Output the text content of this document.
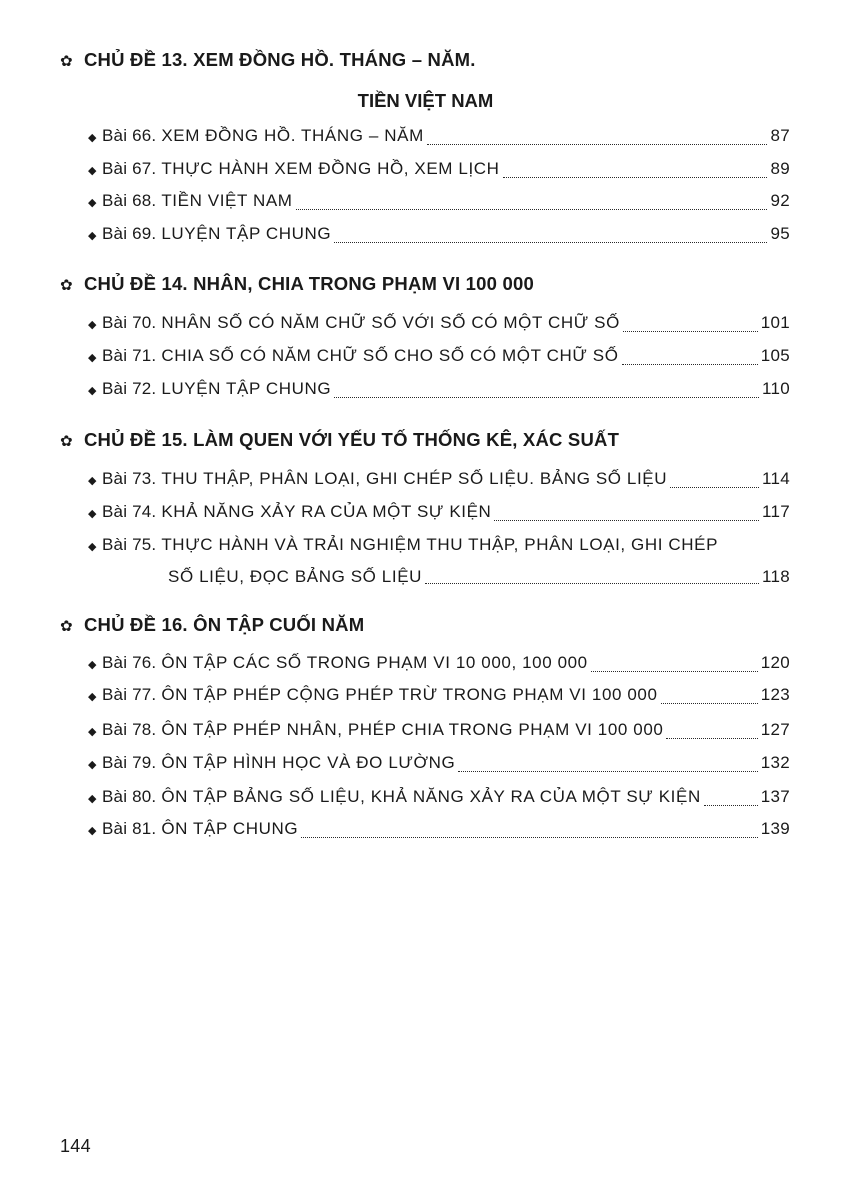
✿ CHỦ ĐỀ 13. XEM ĐỒNG HỒ. THÁNG – NĂM.
TIỀN VIỆT NAM
◆ Bài 66. XEM ĐỒNG HỒ. THÁNG – NĂM	87
◆ Bài 67. THỰC HÀNH XEM ĐỒNG HỒ, XEM LỊCH	89
◆ Bài 68. TIỀN VIỆT NAM	92
◆ Bài 69. LUYỆN TẬP CHUNG	95
✿ CHỦ ĐỀ 14. NHÂN, CHIA TRONG PHẠM VI 100 000
◆ Bài 70. NHÂN SỐ CÓ NĂM CHỮ SỐ VỚI SỐ CÓ MỘT CHỮ SỐ	101
◆ Bài 71. CHIA SỐ CÓ NĂM CHỮ SỐ CHO SỐ CÓ MỘT CHỮ SỐ	105
◆ Bài 72. LUYỆN TẬP CHUNG	110
✿ CHỦ ĐỀ 15. LÀM QUEN VỚI YẾU TỐ THỐNG KÊ, XÁC SUẤT
◆ Bài 73. THU THẬP, PHÂN LOẠI, GHI CHÉP SỐ LIỆU. BẢNG SỐ LIỆU	114
◆ Bài 74. KHẢ NĂNG XẢY RA CỦA MỘT SỰ KIỆN	117
◆ Bài 75. THỰC HÀNH VÀ TRẢI NGHIỆM THU THẬP, PHÂN LOẠI, GHI CHÉP
SỐ LIỆU, ĐỌC BẢNG SỐ LIỆU	118
✿ CHỦ ĐỀ 16. ÔN TẬP CUỐI NĂM
◆ Bài 76. ÔN TẬP CÁC SỐ TRONG PHẠM VI 10 000, 100 000	120
◆ Bài 77. ÔN TẬP PHÉP CỘNG PHÉP TRỪ TRONG PHẠM VI 100 000	123
◆ Bài 78. ÔN TẬP PHÉP NHÂN, PHÉP CHIA TRONG PHẠM VI 100 000	127
◆ Bài 79. ÔN TẬP HÌNH HỌC VÀ ĐO LƯỜNG	132
◆ Bài 80. ÔN TẬP BẢNG SỐ LIỆU, KHẢ NĂNG XẢY RA CỦA MỘT SỰ KIỆN	137
◆ Bài 81. ÔN TẬP CHUNG	139
144
